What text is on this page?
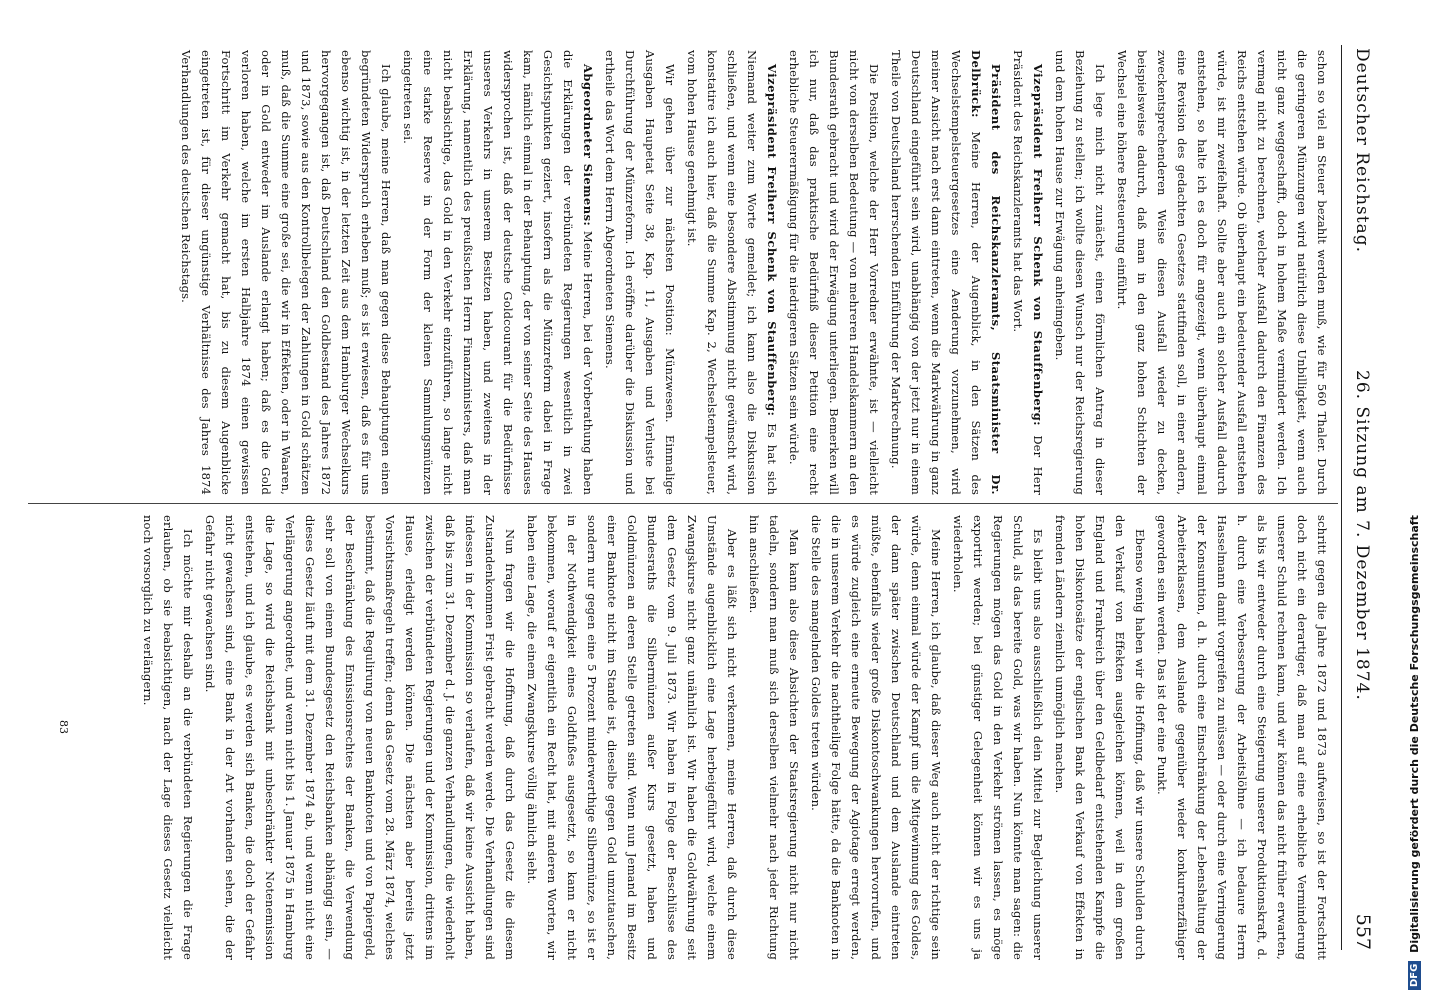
Deutscher Reichstag.
26. Sitzung am 7. Dezember 1874.
557

schon so viel an Steuer bezahlt werden muß, wie für 560 Thaler. Durch die geringeren Münzungen wird natürlich diese Unbilligkeit, wenn auch nicht ganz weggeschafft, doch in hohem Maße vermindert werden. Ich vermag nicht zu berechnen, welcher Ausfall dadurch den Finanzen des Reichs entstehen würde. Ob überhaupt ein bedeutender Ausfall entstehen würde, ist mir zweifelhaft. Sollte aber auch ein solcher Ausfall dadurch entstehen, so halte ich es doch für angezeigt, wenn überhaupt einmal eine Revision des gedachten Gesetzes stattfinden soll, in einer andern, zweckentsprechenderen Weise diesen Ausfall wieder zu decken, beispielsweise dadurch, daß man in den ganz hohen Schichten der Wechsel eine höhere Besteuerung einführt.

Ich lege mich nicht zunächst, einen förmlichen Antrag in dieser Beziehung zu stellen; ich wollte diesen Wunsch nur der Reichsregierung und dem hohen Hause zur Erwägung anheimgeben.

Vizepräsident Freiherr Schenk von Stauffenberg: Der Herr Präsident des Reichskanzleramts hat das Wort.

Präsident des Reichskanzleramts, Staatsminister Dr. Delbrück: Meine Herren, der Augenblick, in den Sätzen des Wechselstempelsteuergesetzes eine Aenderung vorzunehmen, wird meiner Ansicht nach erst dann eintreten, wenn die Markwährung in ganz Deutschland eingeführt sein wird, unabhängig von der jetzt nur in einem Theile von Deutschland herrschenden Einführung der Markrechnung.

Die Position, welche der Herr Vorredner erwähnte, ist — vielleicht nicht von derselben Bedeutung — von mehreren Handelskammern an den Bundesrath gebracht und wird der Erwägung unterliegen. Bemerken will ich nur, daß das praktische Bedürfniß dieser Petition eine recht erhebliche Steuerermäßigung für die niedrigeren Sätzen sein würde.

Vizepräsident Freiherr Schenk von Stauffenberg: Es hat sich Niemand weiter zum Worte gemeldet; ich kann also die Diskussion schließen, und wenn eine besondere Abstimmung nicht gewünscht wird, konstatire ich auch hier, daß die Summe Kap. 2, Wechselstempelsteuer, vom hohen Hause genehmigt ist.

Wir gehen über zur nächsten Position: Münzwesen. Einmalige Ausgaben Haupetat Seite 38, Kap. 11, Ausgaben und Verluste bei Durchführung der Münzreform. Ich eröffne darüber die Diskussion und ertheile das Wort dem Herrn Abgeordneten Siemens.

Abgeordneter Siemens: Meine Herren, bei der Vorberathung haben die Erklärungen der verbündeten Regierungen wesentlich in zwei Gesichtspunkten geziert, insofern als die Münzreform dabei in Frage kam, nämlich einmal in der Behauptung, der von seiner Seite des Hauses widersprochen ist, daß der deutsche Goldcourant für die Bedürfnisse unseres Verkehrs in unserem Besitzen haben, und zweitens in der Erklärung, namentlich des preußischen Herrn Finanzministers, daß man nicht beabsichtige, das Gold in den Verkehr einzuführen, so lange nicht eine starke Reserve in der Form der kleinen Sammlungsmünzen eingetreten sei.

Ich glaube, meine Herren, daß man gegen diese Behauptungen einen begründeten Widerspruch erheben muß; es ist erwiesen, daß es für uns ebenso wichtig ist, in der letzten Zeit aus dem Hamburger Wechselkurs hervorgegangen ist, daß Deutschland den Goldbestand des Jahres 1872 und 1873, sowie aus den Kontrollbelegen der Zahlungen in Gold schätzen muß, daß die Summe eine große sei, die wir in Effekten, oder in Waaren, oder in Gold entweder im Auslande erlangt haben; daß es die Gold verloren haben, welche im ersten Halbjahre 1874 einen gewissen Fortschritt im Verkehr gemacht hat, bis zu diesem Augenblicke eingetreten ist, für dieser ungünstige Verhältnisse des Jahres 1874 Verhandlungen des deutschen Reichstags.

schritt gegen die Jahre 1872 und 1873 aufweisen, so ist der Fortschritt doch nicht ein derartiger, daß man auf eine erhebliche Verminderung unserer Schuld rechnen kann, und wir können das nicht früher erwarten, als bis wir entweder durch eine Steigerung unserer Produktionskraft, d. h. durch eine Verbesserung der Arbeitslöhne — ich bedaure Herrn Hasselmann damit vorgreifen zu müssen — oder durch eine Verringerung der Konsumtion, d. h. durch eine Einschränkung der Lebenshaltung der Arbeiterklassen, dem Auslande gegenüber wieder konkurrenzfähiger geworden sein werden. Das ist der eine Punkt.

Ebenso wenig haben wir die Hoffnung, daß wir unsere Schulden durch den Verkauf von Effekten ausgleichen können, weil in dem großen England und Frankreich über den Geldbedarf entstehenden Kampfe die hohen Diskontosätze der englischen Bank den Verkauf von Effekten in fremden Ländern ziemlich unmöglich machen.

Es bleibt uns also ausschließlich dein Mittel zur Begleichung unserer Schuld, als das bereite Gold, was wir haben. Nun könnte man sagen: die Regierungen mögen das Gold in den Verkehr strömen lassen, es möge exportirt werden; bei günstiger Gelegenheit können wir es uns ja wiederholen.

Meine Herren, ich glaube, daß dieser Weg auch nicht der richtige sein würde, denn einmal würde der Kampf um die Mitgewinnung des Goldes, der dann später zwischen Deutschland und dem Auslande eintreten müßte, ebenfalls wieder große Diskontoschwankungen hervorrufen, und es würde zugleich eine erneute Bewegung der Agiotage erregt werden, die in unserem Verkehr die nachtheilige Folge hätte, da die Banknoten in die Stelle des mangelnden Goldes treten würden.

Man kann also diese Absichten der Staatsregierung nicht nur nicht tadeln, sondern man muß sich derselben vielmehr nach jeder Richtung hin anschließen.

Aber es läßt sich nicht verkennen, meine Herren, daß durch diese Umstände augenblicklich eine Lage herbeigeführt wird, welche einem Zwangskurse nicht ganz unähnlich ist. Wir haben die Goldwährung seit dem Gesetz vom 9. Juli 1873. Wir haben in Folge der Beschlüsse des Bundesraths die Silbermünzen außer Kurs gesetzt, haben und Goldmünzen an deren Stelle getreten sind. Wenn nun Jemand im Besitz einer Banknote nicht im Stande ist, dieselbe gegen Gold umzutauschen, sondern nur gegen eine 5 Prozent minderwerthige Silbermünze, so ist er in der Nothwendigkeit eines Goldfußes ausgesetzt, so kann er nicht bekommen, worauf er eigentlich ein Recht hat, mit anderen Worten, wir haben eine Lage, die einem Zwangskurse völlig ähnlich sieht.

Nun fragen wir die Hoffnung, daß durch das Gesetz die diesem Zustandenkommen Frist gebracht werden werde. Die Verhandlungen sind indessen in der Kommission so verlaufen, daß wir keine Aussicht haben, daß bis zum 31. Dezember d. J. die ganzen Verhandlungen, die wiederholt zwischen der verbündeten Regierungen und der Kommission, drittens im Hause, erledigt werden können. Die nächsten aber bereits jetzt Vorsichtsmaßregeln treffen; denn das Gesetz vom 28. März 1874, welches bestimmt, daß die Regulirung von neuen Banknoten und von Papiergeld, der Beschränkung des Emissionsrechtes der Banken, die Verwendung sehr soll von einem Bundesgesetz den Reichsbanken abhängig sein, — dieses Gesetz läuft mit dem 31. Dezember 1874 ab, und wenn nicht eine Verlängerung angeordnet, und wenn nicht bis 1. Januar 1875 in Hamburg die Lage, so wird die Reichsbank mit unbeschränkter Notenemission entstehen, und ich glaube, es werden sich Banken, die doch der Gefahr nicht gewachsen sind, eine Bank in der Art vorhanden sehen, die der Gefahr nicht gewachsen sind.

Ich möchte mir deshalb an die verbündeten Regierungen die Frage erlauben, ob sie beabsichtigen, nach der Lage dieses Gesetz vielleicht noch vorsorglich zu verlängern.

83
DFG Digitalisierung gefördert durch die Deutsche Forschungsgemeinschaft
